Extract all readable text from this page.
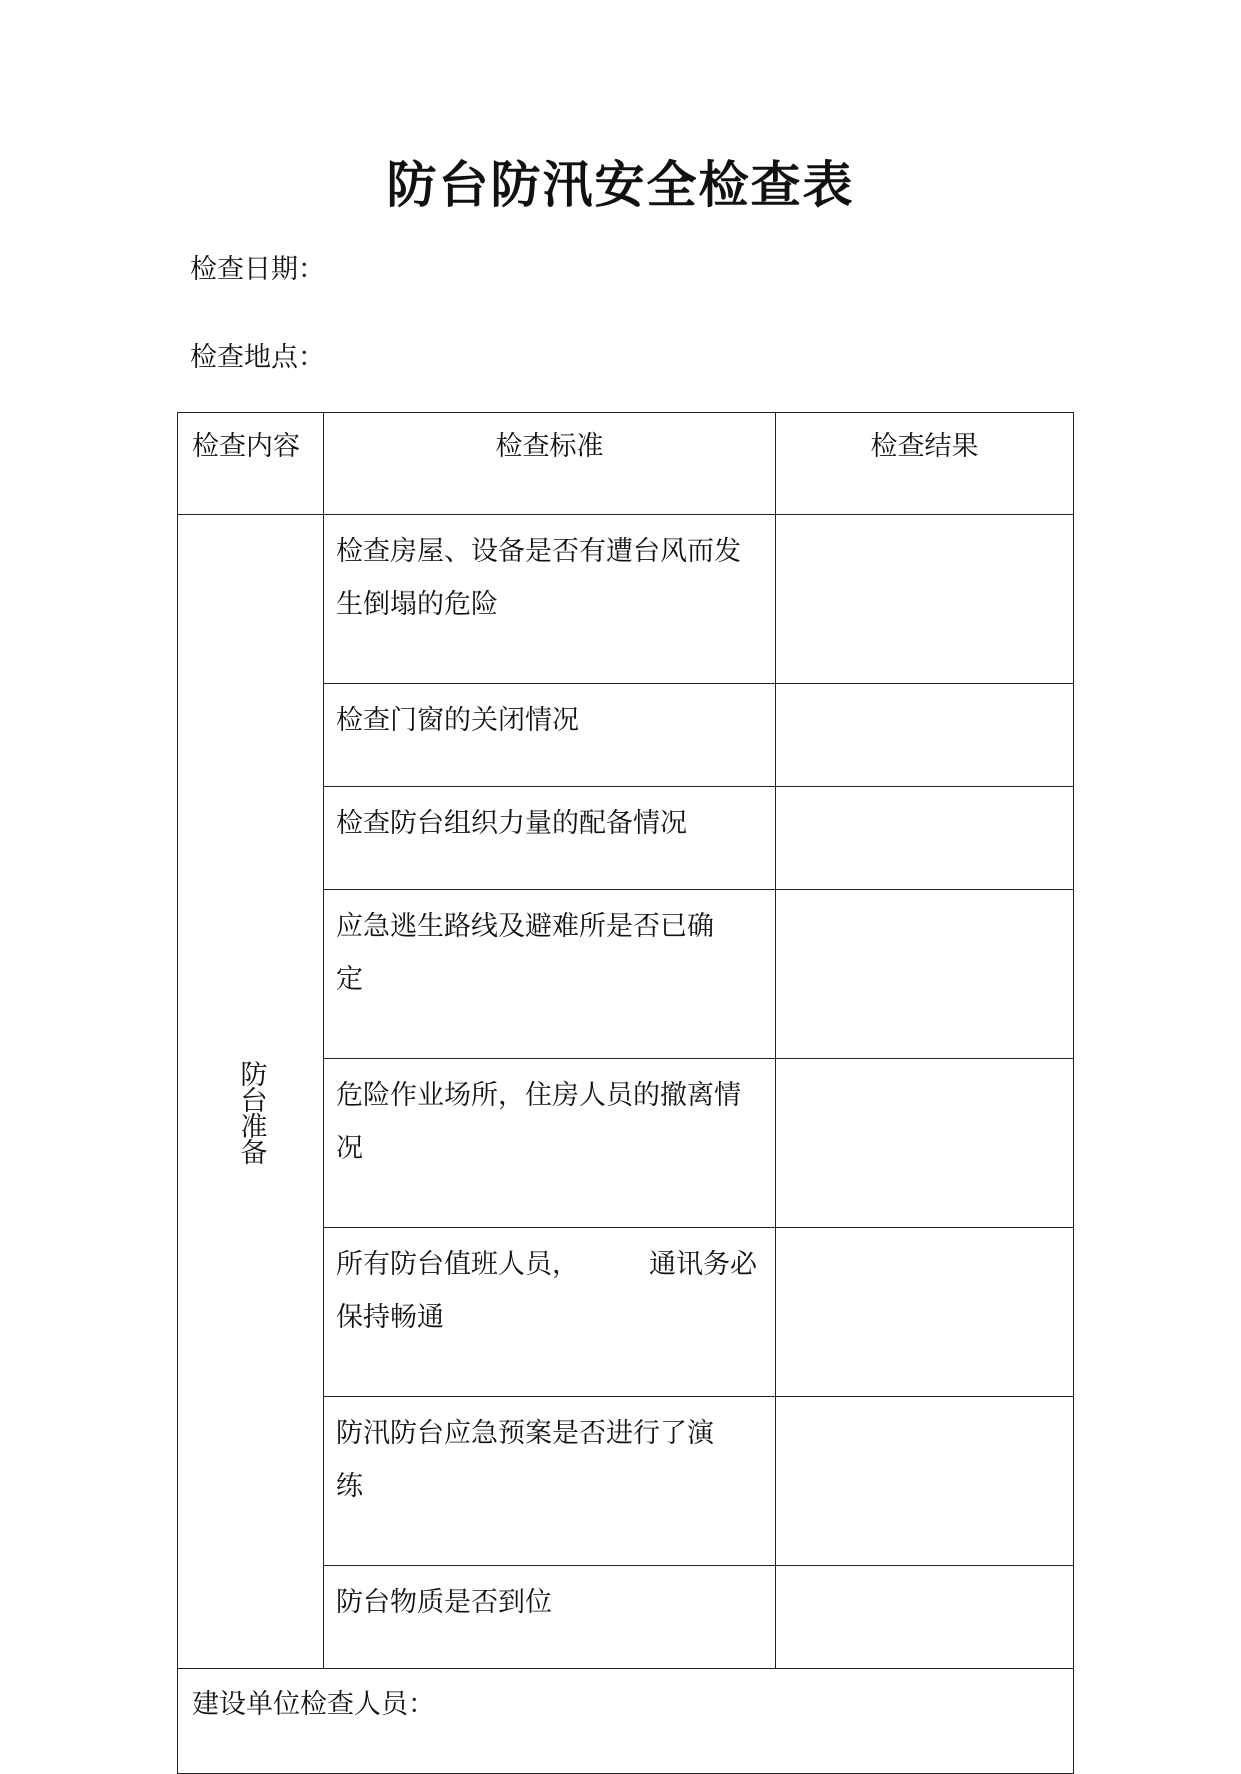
防台防汛安全检查表
检查日期：
检查地点：
检查内容	检查标准	检查结果
防台准备	检查房屋、设备是否有遭台风而发
生倒塌的危险	

	检查门窗的关闭情况	

	检查防台组织力量的配备情况	

	应急逃生路线及避难所是否已确
定	

	危险作业场所，住房人员的撤离情
况	

	所有防台值班人员， 通讯务必
保持畅通	

	防汛防台应急预案是否进行了演
练	

	防台物质是否到位	

建设单位检查人员：		
